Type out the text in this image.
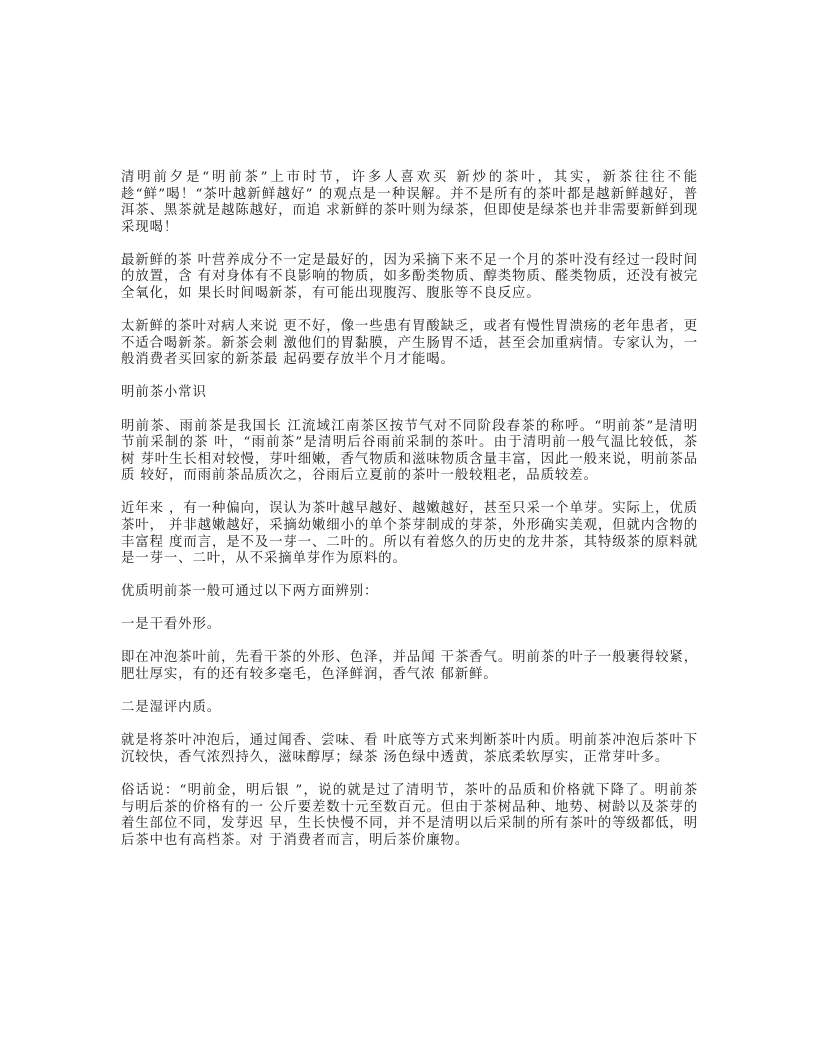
清明前夕是“明前茶”上市时节，许多人喜欢买 新炒的茶叶，其实，新茶往往不能趁“鲜”喝！“茶叶越新鲜越好” 的观点是一种误解。并不是所有的茶叶都是越新鲜越好，普洱茶、黑茶就是越陈越好，而追 求新鲜的茶叶则为绿茶，但即使是绿茶也并非需要新鲜到现采现喝！

最新鲜的茶 叶营养成分不一定是最好的，因为采摘下来不足一个月的茶叶没有经过一段时间的放置，含 有对身体有不良影响的物质，如多酚类物质、醇类物质、醛类物质，还没有被完全氧化，如 果长时间喝新茶，有可能出现腹泻、腹胀等不良反应。

太新鲜的茶叶对病人来说 更不好，像一些患有胃酸缺乏，或者有慢性胃溃疡的老年患者，更不适合喝新茶。新茶会刺 激他们的胃黏膜，产生肠胃不适，甚至会加重病情。专家认为，一般消费者买回家的新茶最 起码要存放半个月才能喝。

明前茶小常识

明前茶、雨前茶是我国长 江流域江南茶区按节气对不同阶段春茶的称呼。“明前茶”是清明节前采制的茶 叶，“雨前茶”是清明后谷雨前采制的茶叶。由于清明前一般气温比较低，茶树 芽叶生长相对较慢，芽叶细嫩，香气物质和滋味物质含量丰富，因此一般来说，明前茶品质 较好，而雨前茶品质次之，谷雨后立夏前的茶叶一般较粗老，品质较差。

近年来 ，有一种偏向，误认为茶叶越早越好、越嫩越好，甚至只采一个单芽。实际上，优质茶叶， 并非越嫩越好，采摘幼嫩细小的单个茶芽制成的芽茶，外形确实美观，但就内含物的丰富程 度而言，是不及一芽一、二叶的。所以有着悠久的历史的龙井茶，其特级茶的原料就是一芽一、二叶，从不采摘单芽作为原料的。

优质明前茶一般可通过以下两方面辨别：

一是干看外形。

即在冲泡茶叶前，先看干茶的外形、色泽，并品闻 干茶香气。明前茶的叶子一般裹得较紧，肥壮厚实，有的还有较多毫毛，色泽鲜润，香气浓 郁新鲜。

二是湿评内质。

就是将茶叶冲泡后，通过闻香、尝味、看 叶底等方式来判断茶叶内质。明前茶冲泡后茶叶下沉较快，香气浓烈持久，滋味醇厚；绿茶 汤色绿中透黄，茶底柔软厚实，正常芽叶多。

俗话说：“明前金，明后银 ”，说的就是过了清明节，茶叶的品质和价格就下降了。明前茶与明后茶的价格有的一 公斤要差数十元至数百元。但由于茶树品种、地势、树龄以及茶芽的着生部位不同，发芽迟 早，生长快慢不同，并不是清明以后采制的所有茶叶的等级都低，明后茶中也有高档茶。对 于消费者而言，明后茶价廉物。
